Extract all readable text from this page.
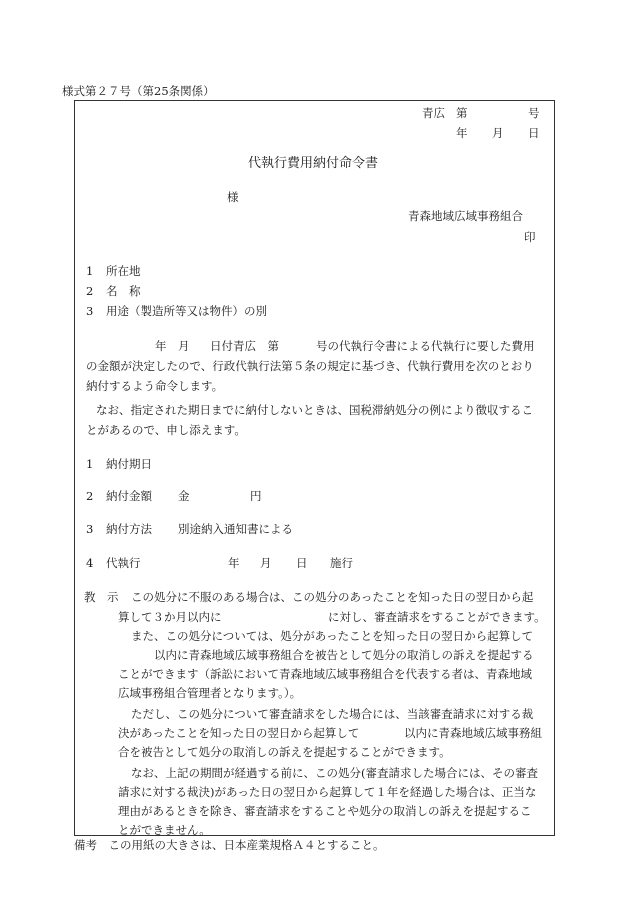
様式第２７号（第25条関係）
青広 第	号
年 月 日
代執行費用納付命令書
様
青森地域広域事務組合
印
1 所在地
2 名　称
3 用途（製造所等又は物件）の別
年 月 日付青広　第	号の代執行令書による代執行に要した費用
の金額が決定したので、行政代執行法第５条の規定に基づき、代執行費用を次のとおり
納付するよう命令します。
なお、指定された期日までに納付しないときは、国税滞納処分の例により徴収するこ
とがあるので、申し添えます。
1 納付期日
2 納付金額 金	円
3 納付方法 別途納入通知書による
4 代執行	年 月 日 施行
教　示 この処分に不服のある場合は、この処分のあったことを知った日の翌日から起
算して３か月以内に	に対し、審査請求をすることができます。
また、この処分については、処分があったことを知った日の翌日から起算して
以内に青森地域広域事務組合を被告として処分の取消しの訴えを提起する
ことができます（訴訟において青森地域広域事務組合を代表する者は、青森地域
広域事務組合管理者となります。）。
ただし、この処分について審査請求をした場合には、当該審査請求に対する裁
決があったことを知った日の翌日から起算して	以内に青森地域広域事務組
合を被告として処分の取消しの訴えを提起することができます。
なお、上記の期間が経過する前に、この処分(審査請求した場合には、その審査
請求に対する裁決)があった日の翌日から起算して１年を経過した場合は、正当な
理由があるときを除き、審査請求をすることや処分の取消しの訴えを提起するこ
とができません。
備考　この用紙の大きさは、日本産業規格Ａ４とすること。
